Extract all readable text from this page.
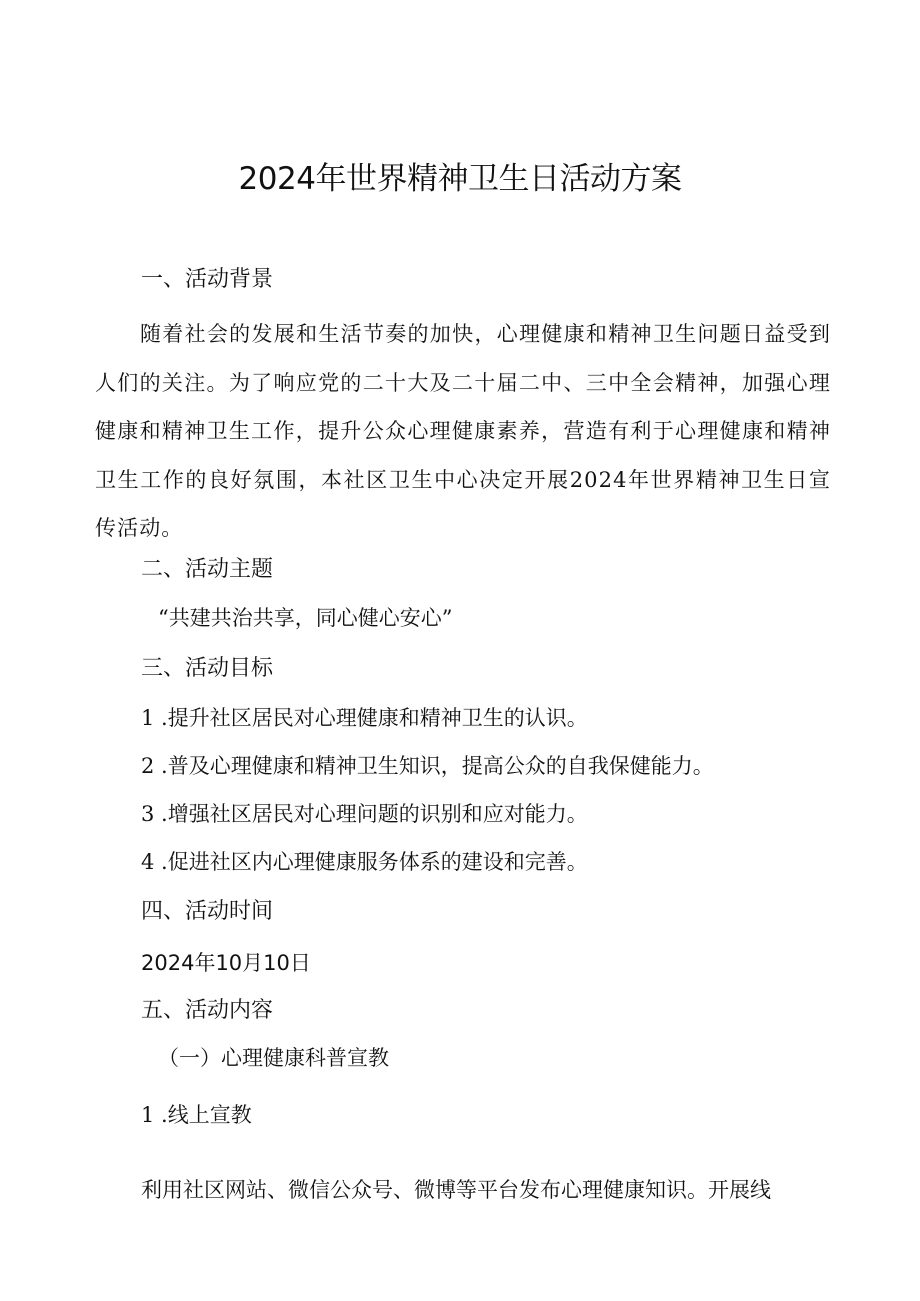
2024年世界精神卫生日活动方案
一、活动背景

随着社会的发展和生活节奏的加快，心理健康和精神卫生问题日益受到人们的关注。为了响应党的二十大及二十届二中、三中全会精神，加强心理健康和精神卫生工作，提升公众心理健康素养，营造有利于心理健康和精神卫生工作的良好氛围，本社区卫生中心决定开展2024年世界精神卫生日宣传活动。

二、活动主题

“共建共治共享，同心健心安心”

三、活动目标

1 .提升社区居民对心理健康和精神卫生的认识。

2 .普及心理健康和精神卫生知识，提高公众的自我保健能力。

3 .增强社区居民对心理问题的识别和应对能力。

4 .促进社区内心理健康服务体系的建设和完善。

四、活动时间

2024年10月10日

五、活动内容

（一）心理健康科普宣教

1 .线上宣教

利用社区网站、微信公众号、微博等平台发布心理健康知识。开展线
